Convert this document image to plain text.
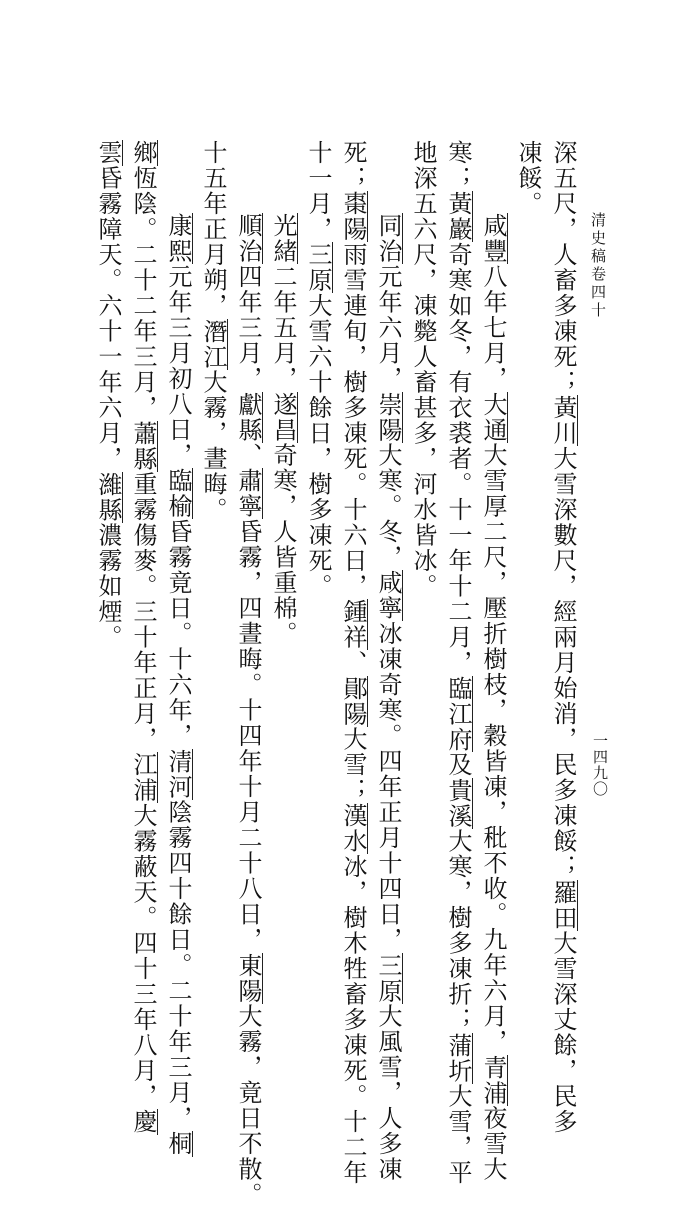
清史稿卷四十
一四九〇
深五尺，人畜多凍死；黃川大雪深數尺，經兩月始消，民多凍餒；羅田大雪深丈餘，民多
凍餒。
咸豐八年七月，大通大雪厚二尺，壓折樹枝，穀皆凍，秕不收。九年六月，青浦夜雪大
寒；黃巖奇寒如冬，有衣裘者。十一年十二月，臨江府及貴溪大寒，樹多凍折；蒲圻大雪，平
地深五六尺，凍斃人畜甚多，河水皆冰。
同治元年六月，崇陽大寒。冬，咸寧冰凍奇寒。四年正月十四日，三原大風雪，人多凍
死；棗陽雨雪連旬，樹多凍死。十六日，鍾祥、鄖陽大雪；漢水冰，樹木牲畜多凍死。十二年
十一月，三原大雪六十餘日，樹多凍死。
光緒二年五月，遂昌奇寒，人皆重棉。
順治四年三月，獻縣、肅寧昏霧，四晝晦。十四年十月二十八日，東陽大霧，竟日不散。
十五年正月朔，潛江大霧，晝晦。
康熙元年三月初八日，臨榆昏霧竟日。十六年，清河陰霧四十餘日。二十年三月，桐
鄉恆陰。二十二年三月，蕭縣重霧傷麥。三十年正月，江浦大霧蔽天。四十三年八月，慶
雲昏霧障天。六十一年六月，濰縣濃霧如煙。
